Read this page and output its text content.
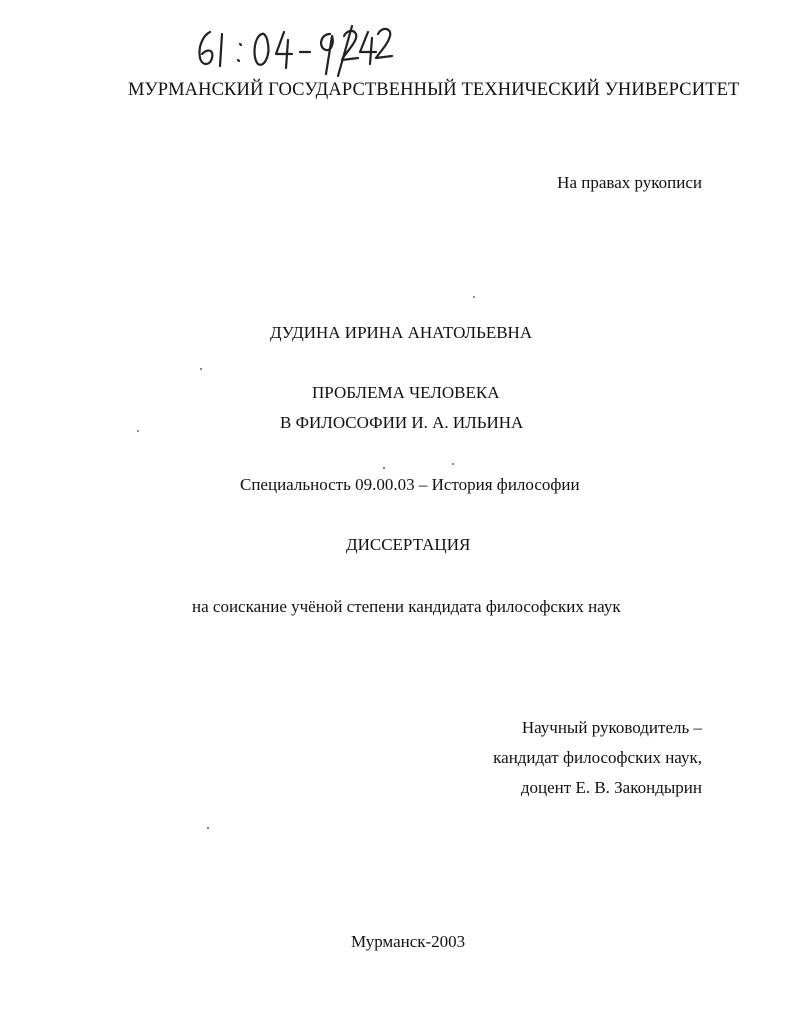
МУРМАНСКИЙ ГОСУДАРСТВЕННЫЙ ТЕХНИЧЕСКИЙ УНИВЕРСИТЕТ
На правах рукописи
ДУДИНА ИРИНА АНАТОЛЬЕВНА
ПРОБЛЕМА ЧЕЛОВЕКА
В ФИЛОСОФИИ И. А. ИЛЬИНА
Специальность 09.00.03 – История философии
ДИССЕРТАЦИЯ
на соискание учёной степени кандидата философских наук
Научный руководитель –
кандидат философских наук,
доцент Е. В. Закондырин
Мурманск-2003
